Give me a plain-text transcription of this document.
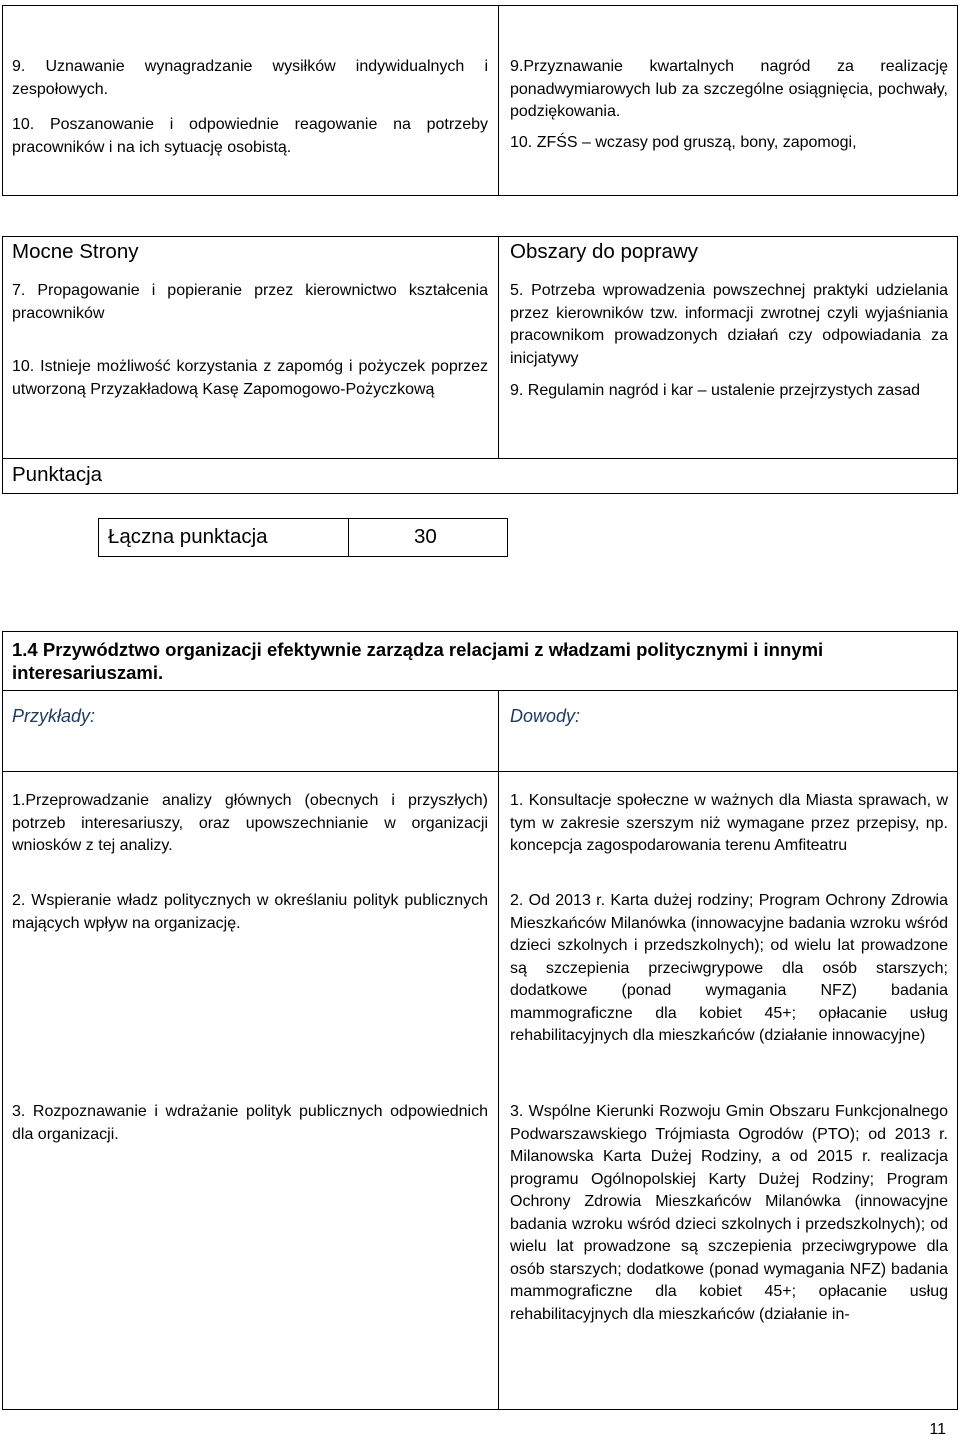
9. Uznawanie wynagradzanie wysiłków indywidualnych i zespołowych.

10. Poszanowanie i odpowiednie reagowanie na potrzeby pracowników i na ich sytuację osobistą.

9.Przyznawanie kwartalnych nagród za realizację ponadwymiarowych lub za szczególne osiągnięcia, pochwały, podziękowania.

10. ZFŚS – wczasy pod gruszą, bony, zapomogi,

Mocne Strony

7. Propagowanie i popieranie przez kierownictwo kształcenia pracowników

10. Istnieje możliwość korzystania z zapomóg i pożyczek poprzez utworzoną Przyzakładową Kasę Zapomogowo-Pożyczkową

Punktacja

Obszary do poprawy

5. Potrzeba wprowadzenia powszechnej praktyki udzielania przez kierowników tzw. informacji zwrotnej czyli wyjaśniania pracownikom prowadzonych działań czy odpowiadania za inicjatywy

9. Regulamin nagród i kar – ustalenie przejrzystych zasad

Łączna punktacja	30
1.4 Przywództwo organizacji efektywnie zarządza relacjami z władzami politycznymi i innymi interesariuszami.
Przykłady:	Dowody:
1.Przeprowadzanie analizy głównych (obecnych i przyszłych) potrzeb interesariuszy, oraz upowszechnianie w organizacji wniosków z tej analizy.
2. Wspieranie władz politycznych w określaniu polityk publicznych mających wpływ na organizację.
3. Rozpoznawanie i wdrażanie polityk publicznych odpowiednich dla organizacji.
1. Konsultacje społeczne w ważnych dla Miasta sprawach, w tym w zakresie szerszym niż wymagane przez przepisy, np. koncepcja zagospodarowania terenu Amfiteatru
2. Od 2013 r. Karta dużej rodziny; Program Ochrony Zdrowia Mieszkańców Milanówka (innowacyjne badania wzroku wśród dzieci szkolnych i przedszkolnych); od wielu lat prowadzone są szczepienia przeciwgrypowe dla osób starszych; dodatkowe (ponad wymagania NFZ) badania mammograficzne dla kobiet 45+; opłacanie usług rehabilitacyjnych dla mieszkańców (działanie innowacyjne)
3. Wspólne Kierunki Rozwoju Gmin Obszaru Funkcjonalnego Podwarszawskiego Trójmiasta Ogrodów (PTO); od 2013 r. Milanowska Karta Dużej Rodziny, a od 2015 r. realizacja programu Ogólnopolskiej Karty Dużej Rodziny; Program Ochrony Zdrowia Mieszkańców Milanówka (innowacyjne badania wzroku wśród dzieci szkolnych i przedszkolnych); od wielu lat prowadzone są szczepienia przeciwgrypowe dla osób starszych; dodatkowe (ponad wymagania NFZ) badania mammograficzne dla kobiet 45+; opłacanie usług rehabilitacyjnych dla mieszkańców (działanie in-
11
